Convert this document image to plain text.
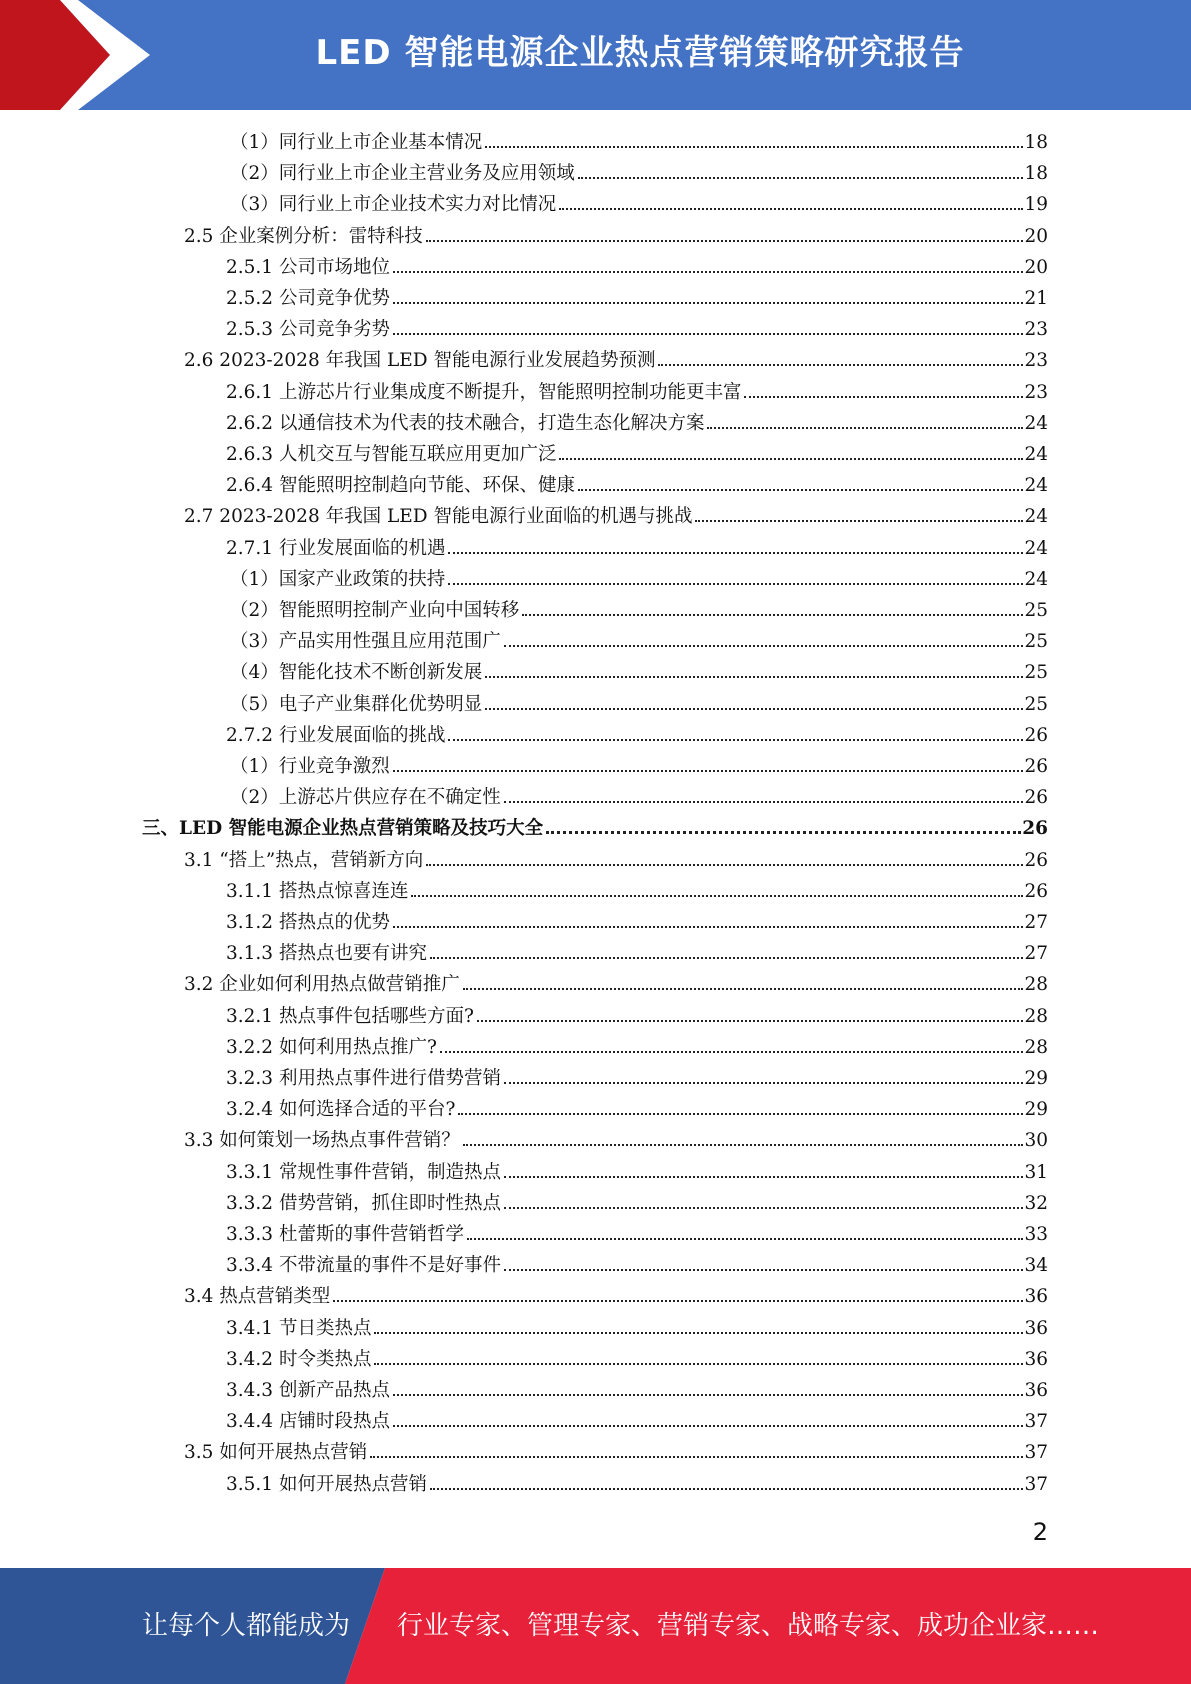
LED 智能电源企业热点营销策略研究报告
（1）同行业上市企业基本情况	18
（2）同行业上市企业主营业务及应用领域	18
（3）同行业上市企业技术实力对比情况	19
2.5 企业案例分析：雷特科技	20
2.5.1 公司市场地位	20
2.5.2 公司竞争优势	21
2.5.3 公司竞争劣势	23
2.6 2023-2028 年我国 LED 智能电源行业发展趋势预测	23
2.6.1 上游芯片行业集成度不断提升，智能照明控制功能更丰富	23
2.6.2 以通信技术为代表的技术融合，打造生态化解决方案	24
2.6.3 人机交互与智能互联应用更加广泛	24
2.6.4 智能照明控制趋向节能、环保、健康	24
2.7 2023-2028 年我国 LED 智能电源行业面临的机遇与挑战	24
2.7.1 行业发展面临的机遇	24
（1）国家产业政策的扶持	24
（2）智能照明控制产业向中国转移	25
（3）产品实用性强且应用范围广	25
（4）智能化技术不断创新发展	25
（5）电子产业集群化优势明显	25
2.7.2 行业发展面临的挑战	26
（1）行业竞争激烈	26
（2）上游芯片供应存在不确定性	26
三、LED 智能电源企业热点营销策略及技巧大全	26
3.1 “搭上”热点，营销新方向	26
3.1.1 搭热点惊喜连连	26
3.1.2 搭热点的优势	27
3.1.3 搭热点也要有讲究	27
3.2 企业如何利用热点做营销推广	28
3.2.1 热点事件包括哪些方面?	28
3.2.2 如何利用热点推广?	28
3.2.3 利用热点事件进行借势营销	29
3.2.4 如何选择合适的平台?	29
3.3 如何策划一场热点事件营销？	30
3.3.1 常规性事件营销，制造热点	31
3.3.2 借势营销，抓住即时性热点	32
3.3.3 杜蕾斯的事件营销哲学	33
3.3.4 不带流量的事件不是好事件	34
3.4 热点营销类型	36
3.4.1 节日类热点	36
3.4.2 时令类热点	36
3.4.3 创新产品热点	36
3.4.4 店铺时段热点	37
3.5 如何开展热点营销	37
3.5.1 如何开展热点营销	37
2
让每个人都能成为 行业专家、管理专家、营销专家、战略专家、成功企业家……
